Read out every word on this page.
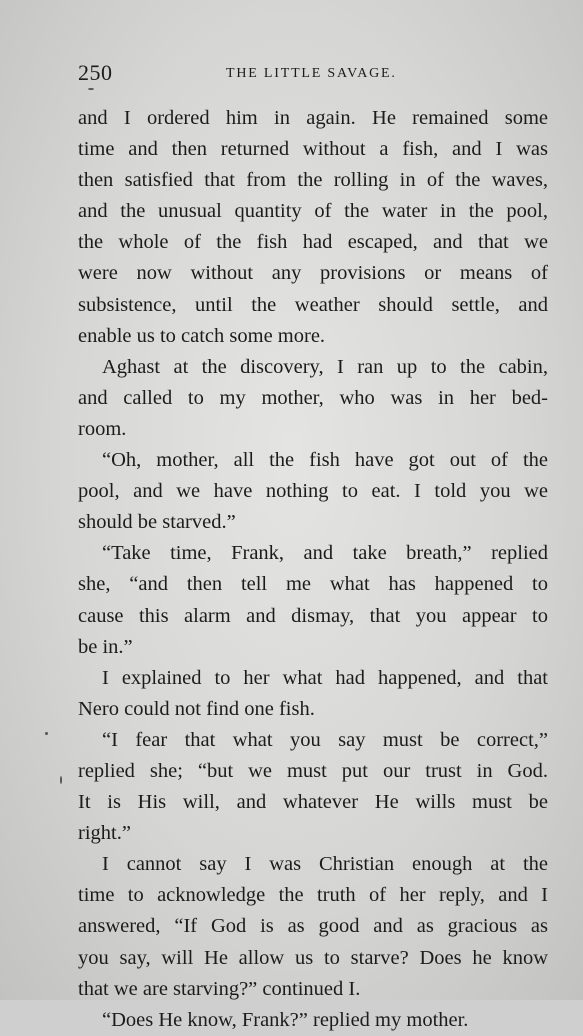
250	THE LITTLE SAVAGE.
and I ordered him in again. He remained some
time and then returned without a fish, and I was
then satisfied that from the rolling in of the waves,
and the unusual quantity of the water in the pool,
the whole of the fish had escaped, and that we
were now without any provisions or means of
subsistence, until the weather should settle, and
enable us to catch some more.
Aghast at the discovery, I ran up to the cabin,
and called to my mother, who was in her bed-
room.
“Oh, mother, all the fish have got out of the
pool, and we have nothing to eat. I told you we
should be starved.”
“Take time, Frank, and take breath,” replied
she, “and then tell me what has happened to
cause this alarm and dismay, that you appear to
be in.”
I explained to her what had happened, and that
Nero could not find one fish.
“I fear that what you say must be correct,”
replied she; “but we must put our trust in God.
It is His will, and whatever He wills must be
right.”
I cannot say I was Christian enough at the
time to acknowledge the truth of her reply, and I
answered, “If God is as good and as gracious as
you say, will He allow us to starve? Does he know
that we are starving?” continued I.
“Does He know, Frank?” replied my mother.
